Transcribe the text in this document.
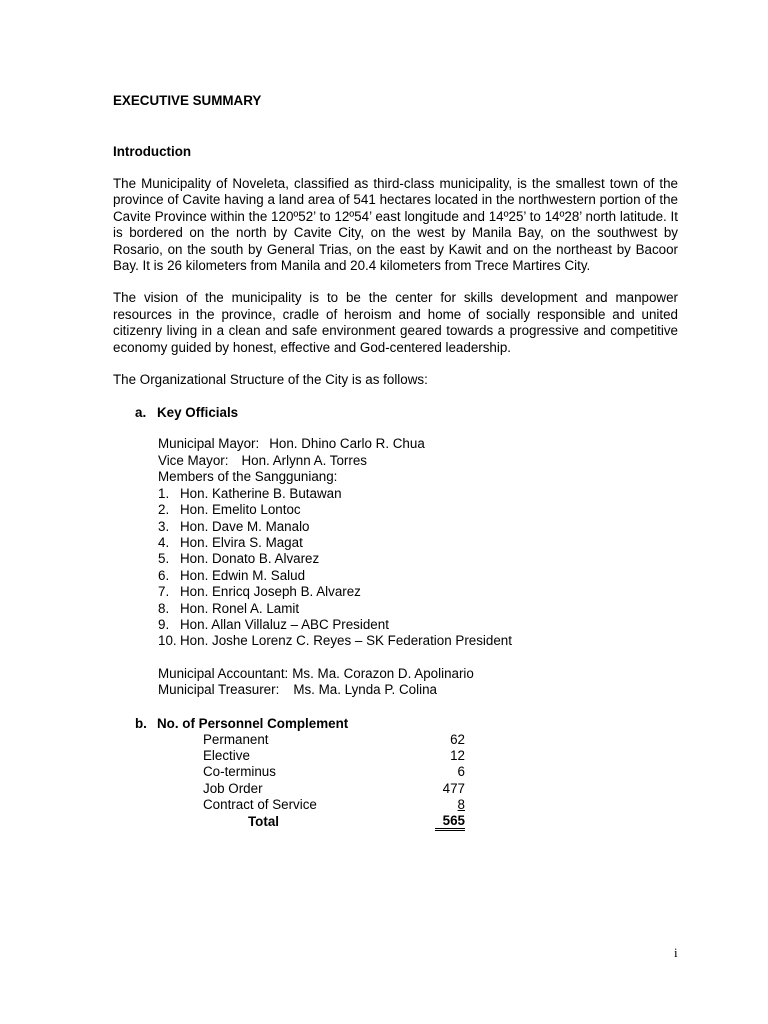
EXECUTIVE SUMMARY
Introduction

The Municipality of Noveleta, classified as third-class municipality, is the smallest town of the province of Cavite having a land area of 541 hectares located in the northwestern portion of the Cavite Province within the 120º52’ to 12º54’ east longitude and 14º25’ to 14º28’ north latitude. It is bordered on the north by Cavite City, on the west by Manila Bay, on the southwest by Rosario, on the south by General Trias, on the east by Kawit and on the northeast by Bacoor Bay. It is 26 kilometers from Manila and 20.4 kilometers from Trece Martires City.

The vision of the municipality is to be the center for skills development and manpower resources in the province, cradle of heroism and home of socially responsible and united citizenry living in a clean and safe environment geared towards a progressive and competitive economy guided by honest, effective and God-centered leadership.

The Organizational Structure of the City is as follows:

a. Key Officials
Municipal Mayor: Hon. Dhino Carlo R. Chua
Vice Mayor: Hon. Arlynn A. Torres
Members of the Sangguniang:
1. Hon. Katherine B. Butawan
2. Hon. Emelito Lontoc
3. Hon. Dave M. Manalo
4. Hon. Elvira S. Magat
5. Hon. Donato B. Alvarez
6. Hon. Edwin M. Salud
7. Hon. Enricq Joseph B. Alvarez
8. Hon. Ronel A. Lamit
9. Hon. Allan Villaluz – ABC President
10. Hon. Joshe Lorenz C. Reyes – SK Federation President
Municipal Accountant: Ms. Ma. Corazon D. Apolinario
Municipal Treasurer: Ms. Ma. Lynda P. Colina
b. No. of Personnel Complement
Permanent	62
Elective	12
Co-terminus	6
Job Order	477
Contract of Service	8
Total	565
i
